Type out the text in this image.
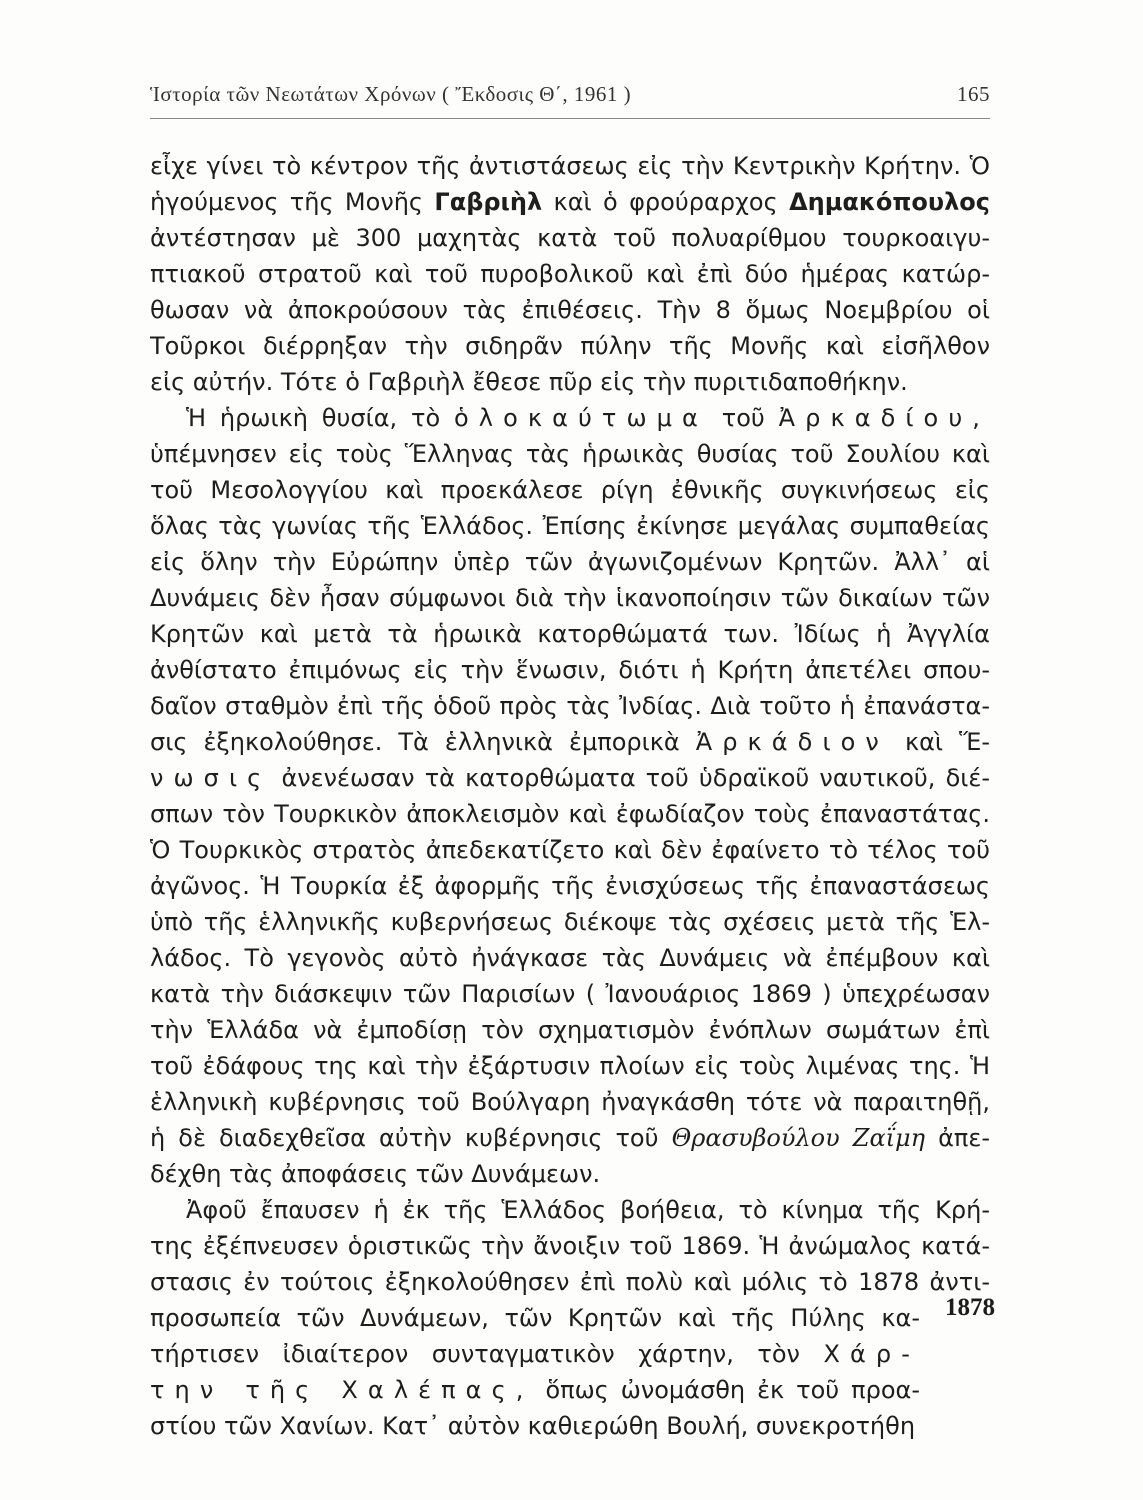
Ἱστορία τῶν Νεωτάτων Χρόνων ( Ἔκδοσις Θ΄, 1961 )	165
εἶχε γίνει τὸ κέντρον τῆς ἀντιστάσεως εἰς τὴν Κεντρικὴν Κρήτην. Ὁ
ἡγούμενος τῆς Μονῆς Γαβριὴλ καὶ ὁ φρούραρχος Δημακόπουλος
ἀντέστησαν μὲ 300 μαχητὰς κατὰ τοῦ πολυαρίθμου τουρκοαιγυ-
πτιακοῦ στρατοῦ καὶ τοῦ πυροβολικοῦ καὶ ἐπὶ δύο ἡμέρας κατώρ-
θωσαν νὰ ἀποκρούσουν τὰς ἐπιθέσεις. Τὴν 8 ὅμως Νοεμβρίου οἱ
Τοῦρκοι διέρρηξαν τὴν σιδηρᾶν πύλην τῆς Μονῆς καὶ εἰσῆλθον
εἰς αὐτήν. Τότε ὁ Γαβριὴλ ἔθεσε πῦρ εἰς τὴν πυριτιδαποθήκην.
Ἡ ἡρωικὴ θυσία, τὸ ὁλοκαύτωμα τοῦ Ἀρκαδίου,
ὑπέμνησεν εἰς τοὺς Ἕλληνας τὰς ἡρωικὰς θυσίας τοῦ Σουλίου καὶ
τοῦ Μεσολογγίου καὶ προεκάλεσε ρίγη ἐθνικῆς συγκινήσεως εἰς
ὅλας τὰς γωνίας τῆς Ἑλλάδος. Ἐπίσης ἐκίνησε μεγάλας συμπαθείας
εἰς ὅλην τὴν Εὐρώπην ὑπὲρ τῶν ἀγωνιζομένων Κρητῶν. Ἀλλ᾿ αἱ
Δυνάμεις δὲν ἦσαν σύμφωνοι διὰ τὴν ἱκανοποίησιν τῶν δικαίων τῶν
Κρητῶν καὶ μετὰ τὰ ἡρωικὰ κατορθώματά των. Ἰδίως ἡ Ἀγγλία
ἀνθίστατο ἐπιμόνως εἰς τὴν ἕνωσιν, διότι ἡ Κρήτη ἀπετέλει σπου-
δαῖον σταθμὸν ἐπὶ τῆς ὁδοῦ πρὸς τὰς Ἰνδίας. Διὰ τοῦτο ἡ ἐπανάστα-
σις ἐξηκολούθησε. Τὰ ἑλληνικὰ ἐμπορικὰ Ἀρκάδιον καὶ Ἕ-
νωσις ἀνενέωσαν τὰ κατορθώματα τοῦ ὑδραϊκοῦ ναυτικοῦ, διέ-
σπων τὸν Τουρκικὸν ἀποκλεισμὸν καὶ ἐφωδίαζον τοὺς ἐπαναστάτας.
Ὁ Τουρκικὸς στρατὸς ἀπεδεκατίζετο καὶ δὲν ἐφαίνετο τὸ τέλος τοῦ
ἀγῶνος. Ἡ Τουρκία ἐξ ἀφορμῆς τῆς ἐνισχύσεως τῆς ἐπαναστάσεως
ὑπὸ τῆς ἑλληνικῆς κυβερνήσεως διέκοψε τὰς σχέσεις μετὰ τῆς Ἑλ-
λάδος. Τὸ γεγονὸς αὐτὸ ἠνάγκασε τὰς Δυνάμεις νὰ ἐπέμβουν καὶ
κατὰ τὴν διάσκεψιν τῶν Παρισίων ( Ἰανουάριος 1869 ) ὑπεχρέωσαν
τὴν Ἑλλάδα νὰ ἐμποδίσῃ τὸν σχηματισμὸν ἐνόπλων σωμάτων ἐπὶ
τοῦ ἐδάφους της καὶ τὴν ἐξάρτυσιν πλοίων εἰς τοὺς λιμένας της. Ἡ
ἑλληνικὴ κυβέρνησις τοῦ Βούλγαρη ἠναγκάσθη τότε νὰ παραιτηθῇ,
ἡ δὲ διαδεχθεῖσα αὐτὴν κυβέρνησις τοῦ Θρασυβούλου Ζαΐμη ἀπε-
δέχθη τὰς ἀποφάσεις τῶν Δυνάμεων.
Ἀφοῦ ἔπαυσεν ἡ ἐκ τῆς Ἑλλάδος βοήθεια, τὸ κίνημα τῆς Κρή-
της ἐξέπνευσεν ὁριστικῶς τὴν ἄνοιξιν τοῦ 1869. Ἡ ἀνώμαλος κατά-
στασις ἐν τούτοις ἐξηκολούθησεν ἐπὶ πολὺ καὶ μόλις τὸ 1878 ἀντι-
προσωπεία τῶν Δυνάμεων, τῶν Κρητῶν καὶ τῆς Πύλης κα-
τήρτισεν ἰδιαίτερον συνταγματικὸν χάρτην, τὸν Χάρ-
την τῆς Χαλέπας, ὅπως ὠνομάσθη ἐκ τοῦ προα-
στίου τῶν Χανίων. Κατ᾿ αὐτὸν καθιερώθη Βουλή, συνεκροτήθη
1878
